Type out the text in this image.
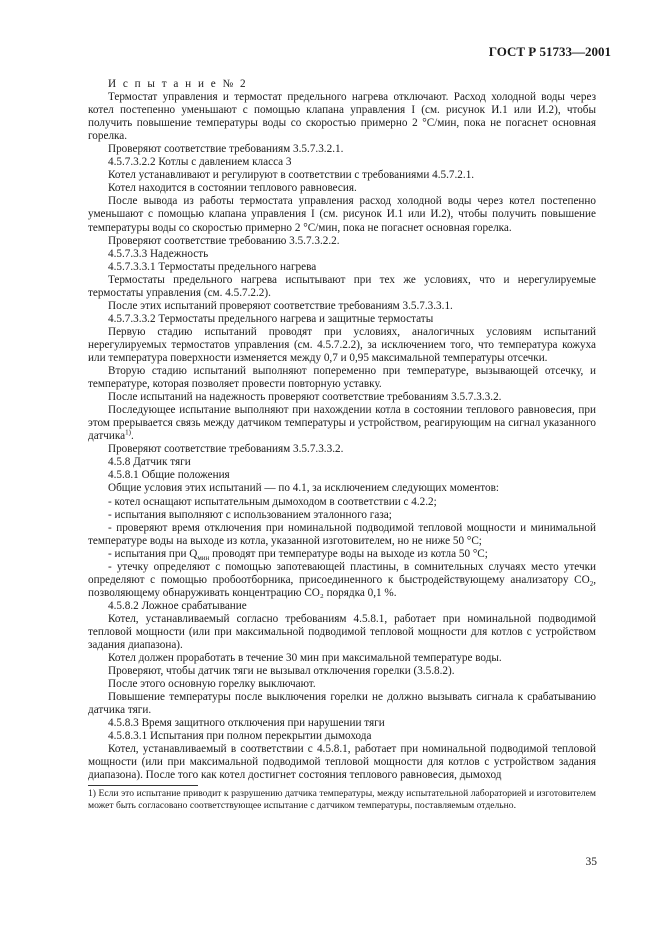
ГОСТ Р 51733—2001

И с п ы т а н и е № 2

Термостат управления и термостат предельного нагрева отключают. Расход холодной воды через котел постепенно уменьшают с помощью клапана управления I (см. рисунок И.1 или И.2), чтобы получить повышение температуры воды со скоростью примерно 2 °С/мин, пока не погаснет основная горелка.

Проверяют соответствие требованиям 3.5.7.3.2.1.

4.5.7.3.2.2 Котлы с давлением класса 3

Котел устанавливают и регулируют в соответствии с требованиями 4.5.7.2.1.

Котел находится в состоянии теплового равновесия.

После вывода из работы термостата управления расход холодной воды через котел постепенно уменьшают с помощью клапана управления I (см. рисунок И.1 или И.2), чтобы получить повышение температуры воды со скоростью примерно 2 °С/мин, пока не погаснет основная горелка.

Проверяют соответствие требованию 3.5.7.3.2.2.

4.5.7.3.3 Надежность

4.5.7.3.3.1 Термостаты предельного нагрева

Термостаты предельного нагрева испытывают при тех же условиях, что и нерегулируемые термостаты управления (см. 4.5.7.2.2).

После этих испытаний проверяют соответствие требованиям 3.5.7.3.3.1.

4.5.7.3.3.2 Термостаты предельного нагрева и защитные термостаты

Первую стадию испытаний проводят при условиях, аналогичных условиям испытаний нерегулируемых термостатов управления (см. 4.5.7.2.2), за исключением того, что температура кожуха или температура поверхности изменяется между 0,7 и 0,95 максимальной температуры отсечки.

Вторую стадию испытаний выполняют попеременно при температуре, вызывающей отсечку, и температуре, которая позволяет провести повторную уставку.

После испытаний на надежность проверяют соответствие требованиям 3.5.7.3.3.2.

Последующее испытание выполняют при нахождении котла в состоянии теплового равновесия, при этом прерывается связь между датчиком температуры и устройством, реагирующим на сигнал указанного датчика$^{1)}$.

Проверяют соответствие требованиям 3.5.7.3.3.2.

4.5.8 Датчик тяги

4.5.8.1 Общие положения

Общие условия этих испытаний — по 4.1, за исключением следующих моментов:

- котел оснащают испытательным дымоходом в соответствии с 4.2.2;

- испытания выполняют с использованием эталонного газа;

- проверяют время отключения при номинальной подводимой тепловой мощности и минимальной температуре воды на выходе из котла, указанной изготовителем, но не ниже 50 °С;

- испытания при $Q_{мин}$ проводят при температуре воды на выходе из котла 50 °С;

- утечку определяют с помощью запотевающей пластины, в сомнительных случаях место утечки определяют с помощью пробоотборника, присоединенного к быстродействующему анализатору $CO_2$, позволяющему обнаруживать концентрацию CO₂ порядка 0,1 %.

4.5.8.2 Ложное срабатывание

Котел, устанавливаемый согласно требованиям 4.5.8.1, работает при номинальной подводимой тепловой мощности (или при максимальной подводимой тепловой мощности для котлов с устройством задания диапазона).

Котел должен проработать в течение 30 мин при максимальной температуре воды.

Проверяют, чтобы датчик тяги не вызывал отключения горелки (3.5.8.2).

После этого основную горелку выключают.

Повышение температуры после выключения горелки не должно вызывать сигнала к срабатыванию датчика тяги.

4.5.8.3 Время защитного отключения при нарушении тяги

4.5.8.3.1 Испытания при полном перекрытии дымохода

Котел, устанавливаемый в соответствии с 4.5.8.1, работает при номинальной подводимой тепловой мощности (или при максимальной подводимой тепловой мощности для котлов с устройством задания диапазона). После того как котел достигнет состояния теплового равновесия, дымоход

1) Если это испытание приводит к разрушению датчика температуры, между испытательной лабораторией и изготовителем может быть согласовано соответствующее испытание с датчиком температуры, поставляемым отдельно.
35
